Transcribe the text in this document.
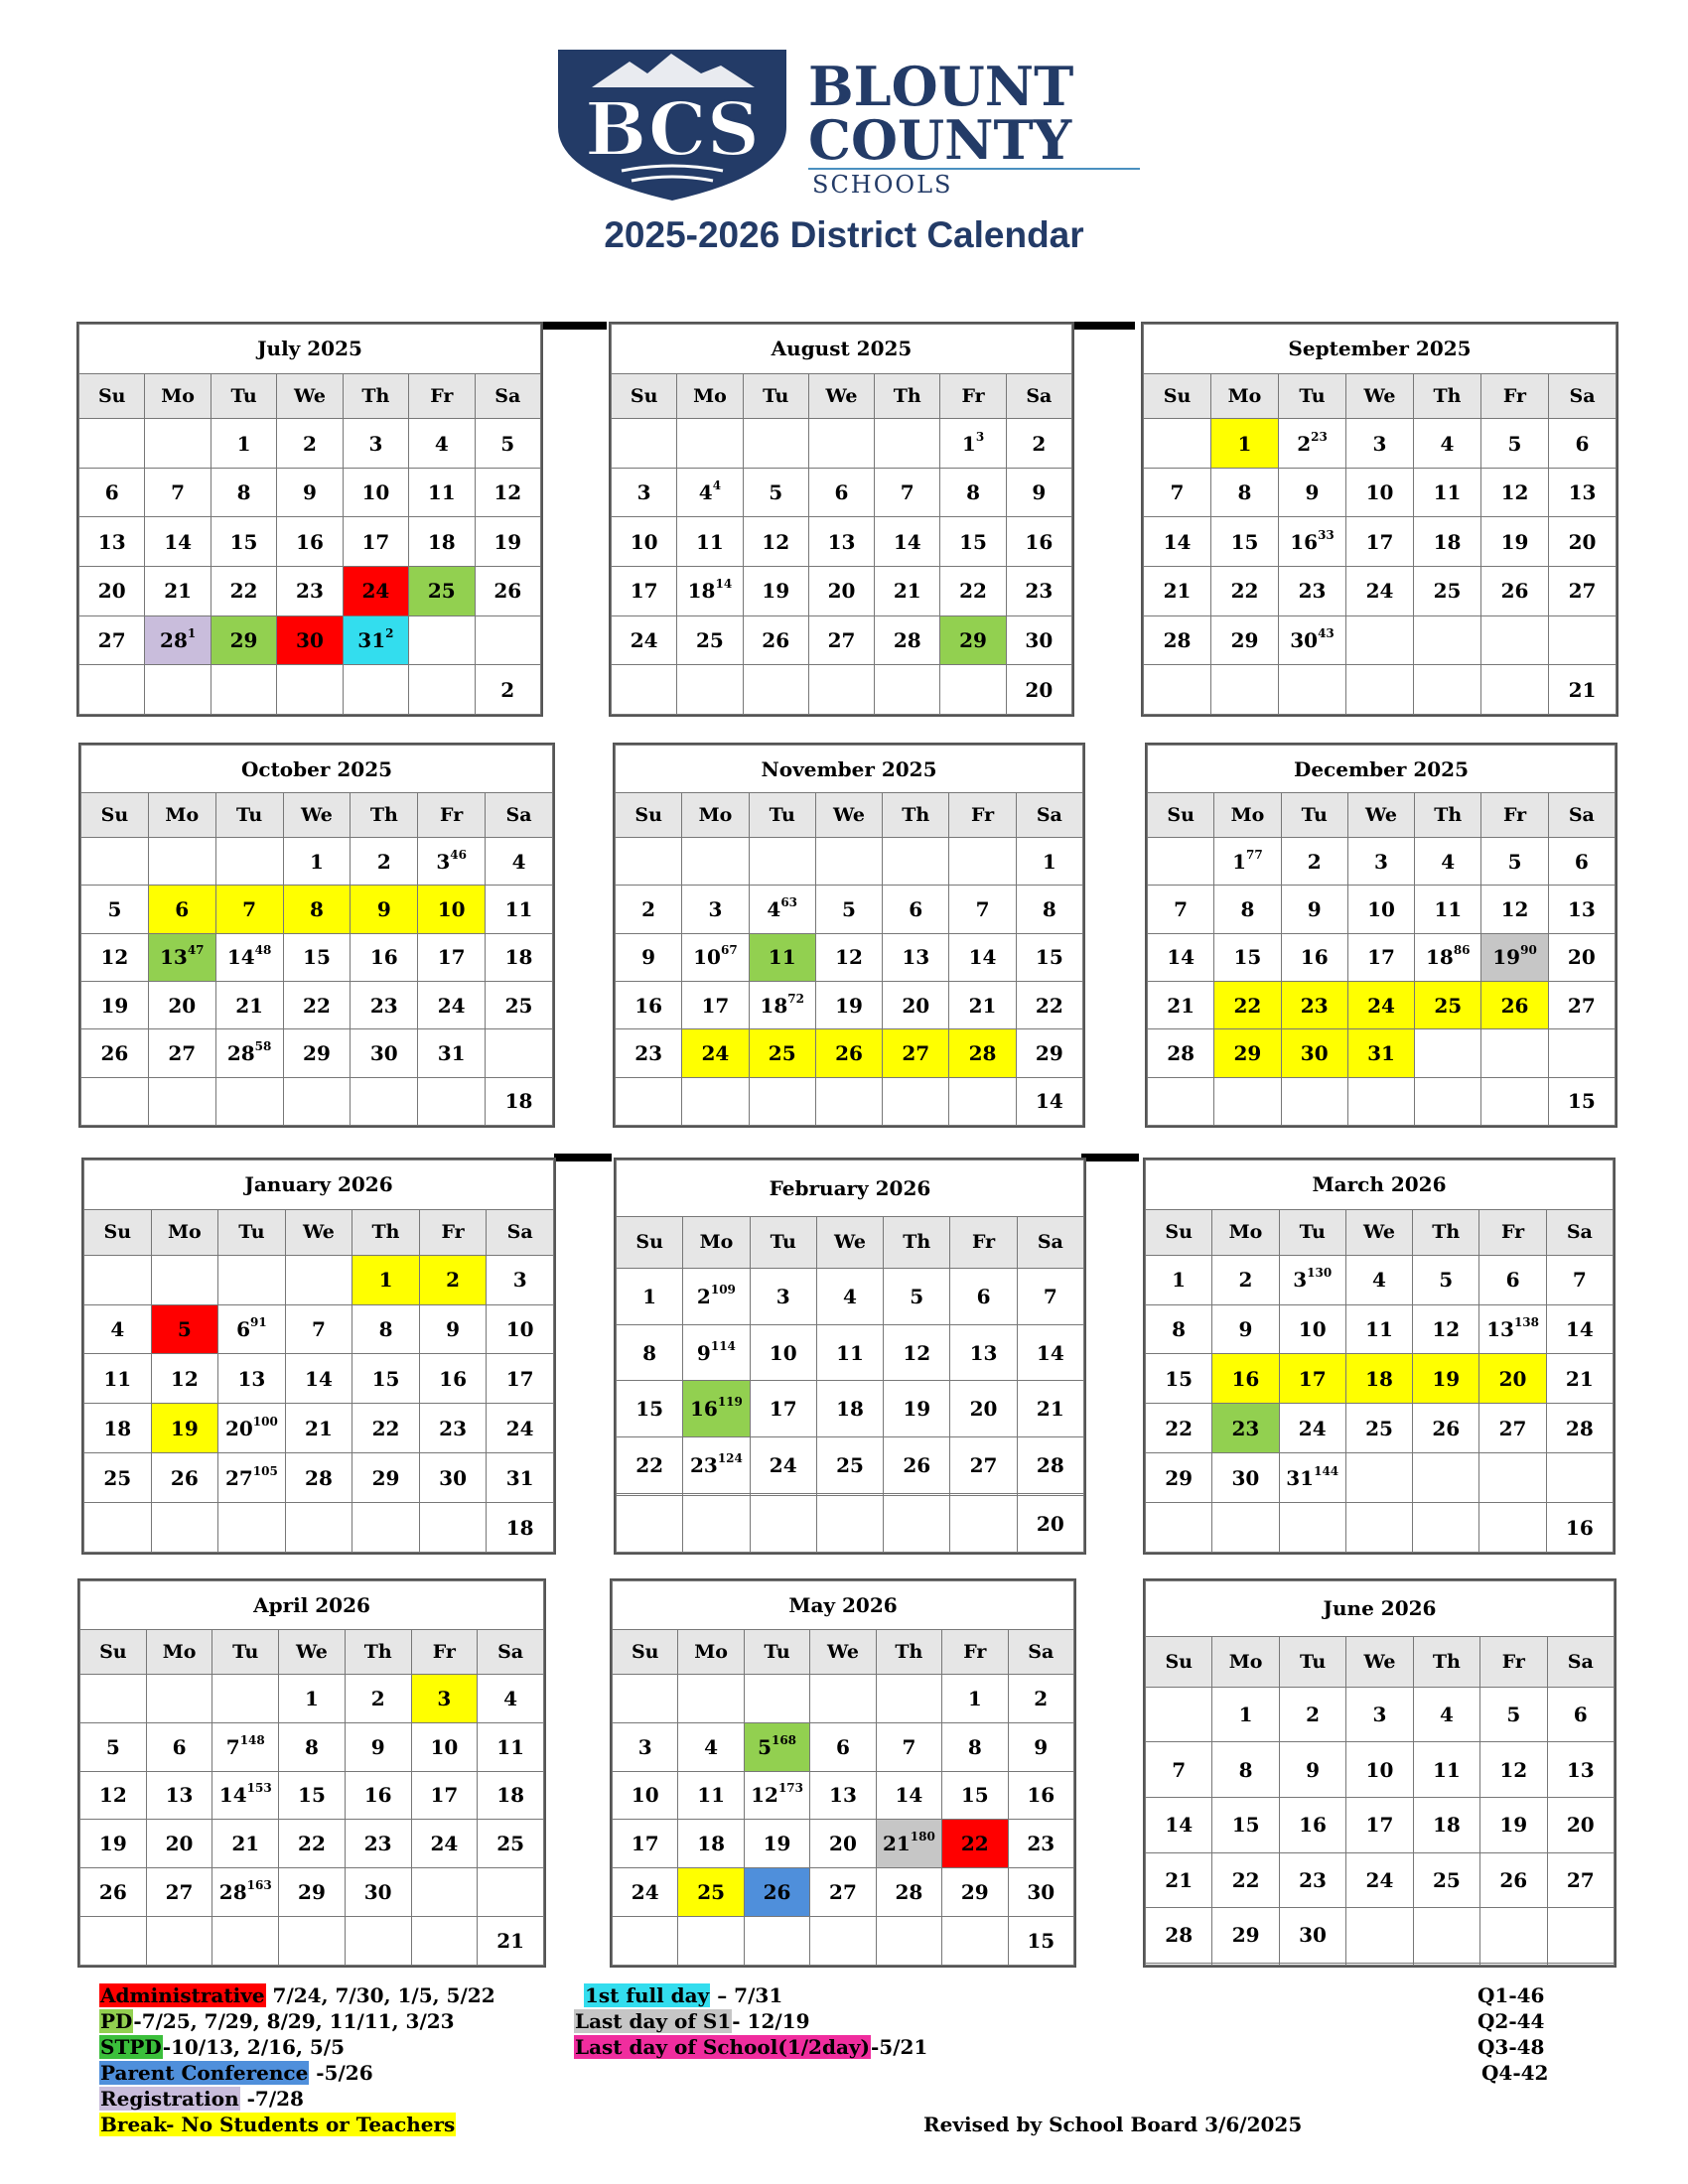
BCS
BLOUNT
COUNTY
SCHOOLS
2025-2026 District Calendar
July 2025						
Su	Mo	Tu	We	Th	Fr	Sa
		1	2	3	4	5
6	7	8	9	10	11	12
13	14	15	16	17	18	19
20	21	22	23	24	25	26
27	$28^1$	29	30	$31^2$		
						2
August 2025						
Su	Mo	Tu	We	Th	Fr	Sa
					$1^3$	2
3	$4^4$	5	6	7	8	9
10	11	12	13	14	15	16
17	$18^{14}$	19	20	21	22	23
24	25	26	27	28	29	30
						20
September 2025						
Su	Mo	Tu	We	Th	Fr	Sa
	1	$2^{23}$	3	4	5	6
7	8	9	10	11	12	13
14	15	$16^{33}$	17	18	19	20
21	22	23	24	25	26	27
28	29	$30^{43}$				
						21
October 2025						
Su	Mo	Tu	We	Th	Fr	Sa
			1	2	$3^{46}$	4
5	6	7	8	9	10	11
12	$13^{47}$	$14^{48}$	15	16	17	18
19	20	21	22	23	24	25
26	27	$28^{58}$	29	30	31	
						18
November 2025						
Su	Mo	Tu	We	Th	Fr	Sa
						1
2	3	$4^{63}$	5	6	7	8
9	$10^{67}$	11	12	13	14	15
16	17	$18^{72}$	19	20	21	22
23	24	25	26	27	28	29
						14
December 2025						
Su	Mo	Tu	We	Th	Fr	Sa
	$1^{77}$	2	3	4	5	6
7	8	9	10	11	12	13
14	15	16	17	$18^{86}$	$19^{90}$	20
21	22	23	24	25	26	27
28	29	30	31			
						15
January 2026						
Su	Mo	Tu	We	Th	Fr	Sa
				1	2	3
4	5	$6^{91}$	7	8	9	10
11	12	13	14	15	16	17
18	19	$20^{100}$	21	22	23	24
25	26	$27^{105}$	28	29	30	31
						18
February 2026						
Su	Mo	Tu	We	Th	Fr	Sa
1	$2^{109}$	3	4	5	6	7
8	$9^{114}$	10	11	12	13	14
15	$16^{119}$	17	18	19	20	21
22	$23^{124}$	24	25	26	27	28

						20
March 2026						
Su	Mo	Tu	We	Th	Fr	Sa
1	2	$3^{130}$	4	5	6	7
8	9	10	11	12	$13^{138}$	14
15	16	17	18	19	20	21
22	23	24	25	26	27	28
29	30	$31^{144}$				
						16
April 2026						
Su	Mo	Tu	We	Th	Fr	Sa
			1	2	3	4
5	6	$7^{148}$	8	9	10	11
12	13	$14^{153}$	15	16	17	18
19	20	21	22	23	24	25
26	27	$28^{163}$	29	30		
						21
May 2026						
Su	Mo	Tu	We	Th	Fr	Sa
					1	2
3	4	$5^{168}$	6	7	8	9
10	11	$12^{173}$	13	14	15	16
17	18	19	20	$21^{180}$	22	23
24	25	26	27	28	29	30
						15
June 2026						
Su	Mo	Tu	We	Th	Fr	Sa
	1	2	3	4	5	6
7	8	9	10	11	12	13
14	15	16	17	18	19	20
21	22	23	24	25	26	27
28	29	30				

Administrative 7/24, 7/30, 1/5, 5/22
PD-7/25, 7/29, 8/29, 11/11, 3/23
STPD-10/13, 2/16, 5/5
Parent Conference -5/26
Registration -7/28
Break- No Students or Teachers
1st full day – 7/31
Last day of S1- 12/19
Last day of School(1/2day)-5/21
Revised by School Board 3/6/2025
Q1-46
Q2-44
Q3-48
Q4-42
